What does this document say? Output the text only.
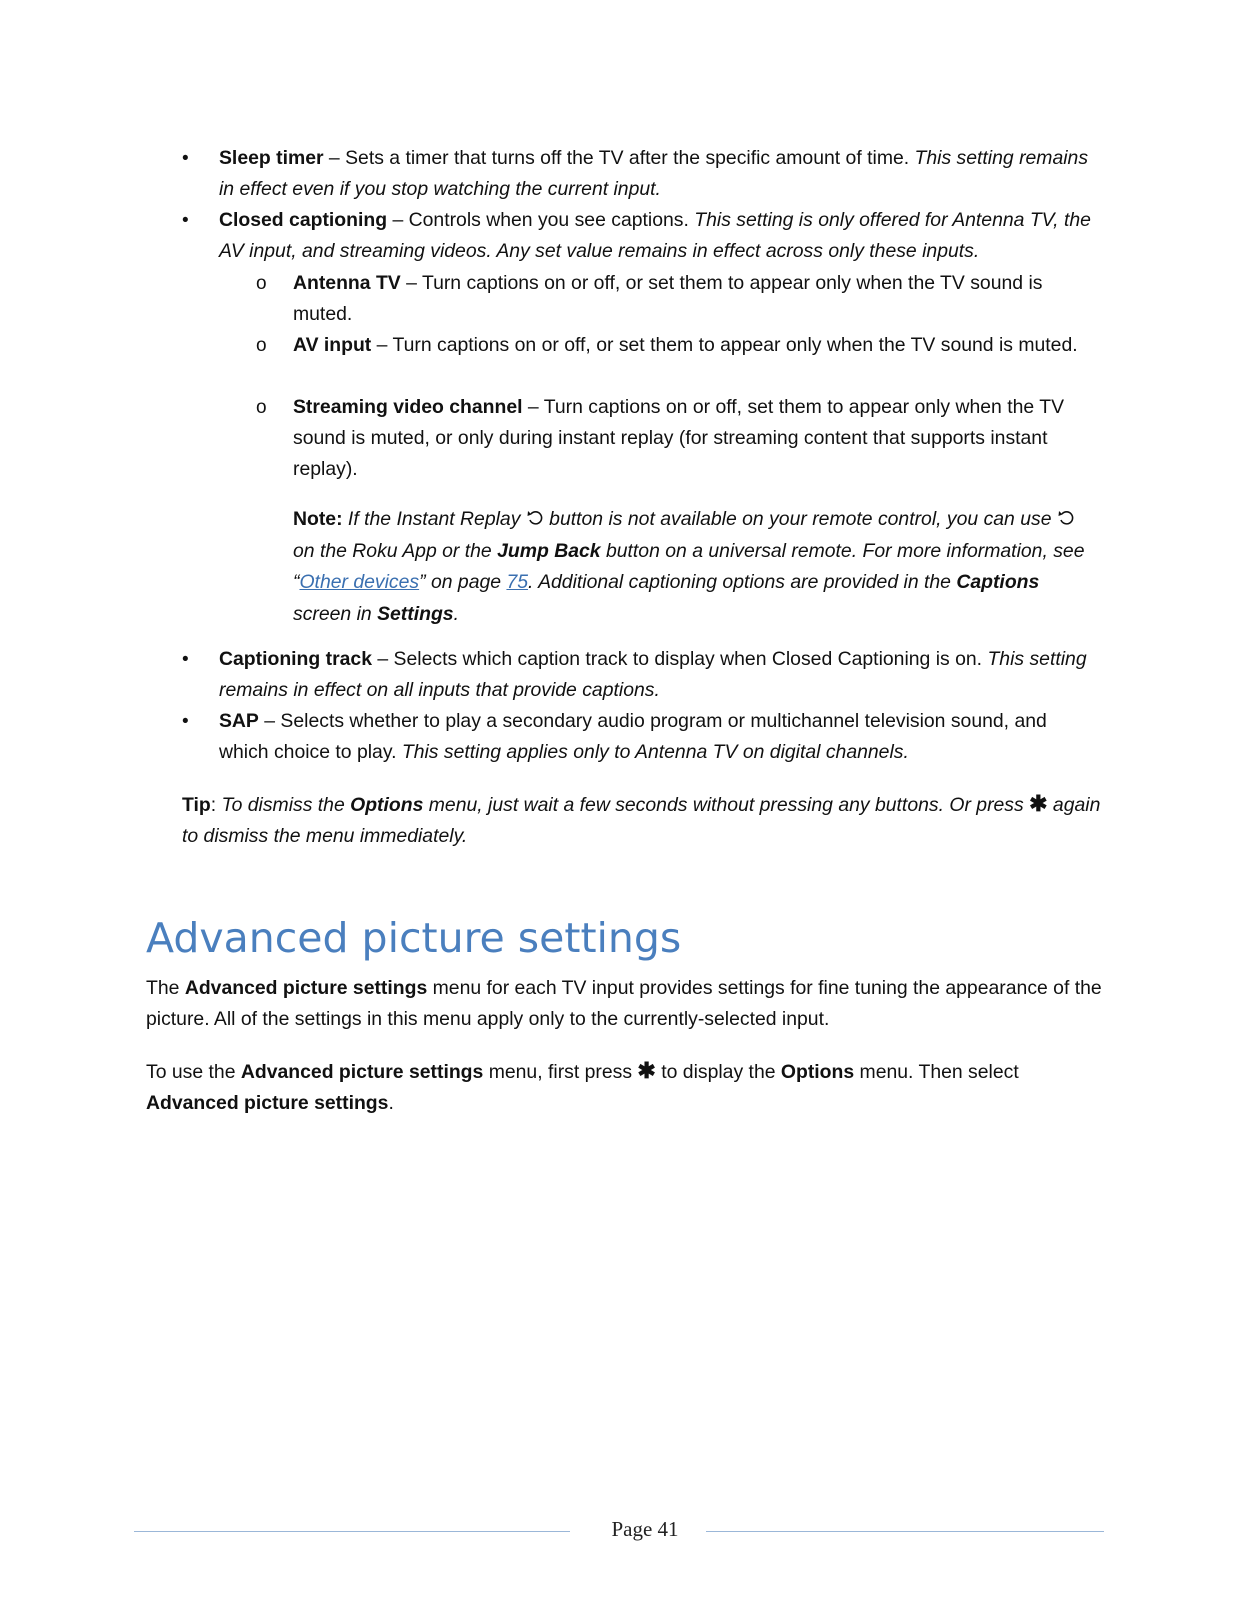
• Sleep timer – Sets a timer that turns off the TV after the specific amount of time. This setting remains in effect even if you stop watching the current input.

• Closed captioning – Controls when you see captions. This setting is only offered for Antenna TV, the AV input, and streaming videos. Any set value remains in effect across only these inputs.

o Antenna TV – Turn captions on or off, or set them to appear only when the TV sound is muted.

o AV input – Turn captions on or off, or set them to appear only when the TV sound is muted.

o Streaming video channel – Turn captions on or off, set them to appear only when the TV sound is muted, or only during instant replay (for streaming content that supports instant replay).

Note: If the Instant Replay  button is not available on your remote control, you can use  on the Roku App or the Jump Back button on a universal remote. For more information, see “Other devices” on page 75. Additional captioning options are provided in the Captions screen in Settings.

• Captioning track – Selects which caption track to display when Closed Captioning is on. This setting remains in effect on all inputs that provide captions.

• SAP – Selects whether to play a secondary audio program or multichannel television sound, and which choice to play. This setting applies only to Antenna TV on digital channels.

Tip: To dismiss the Options menu, just wait a few seconds without pressing any buttons. Or press ✱ again to dismiss the menu immediately.

Advanced picture settings

The Advanced picture settings menu for each TV input provides settings for fine tuning the appearance of the picture. All of the settings in this menu apply only to the currently-selected input.

To use the Advanced picture settings menu, first press ✱ to display the Options menu. Then select Advanced picture settings.

Page 41
